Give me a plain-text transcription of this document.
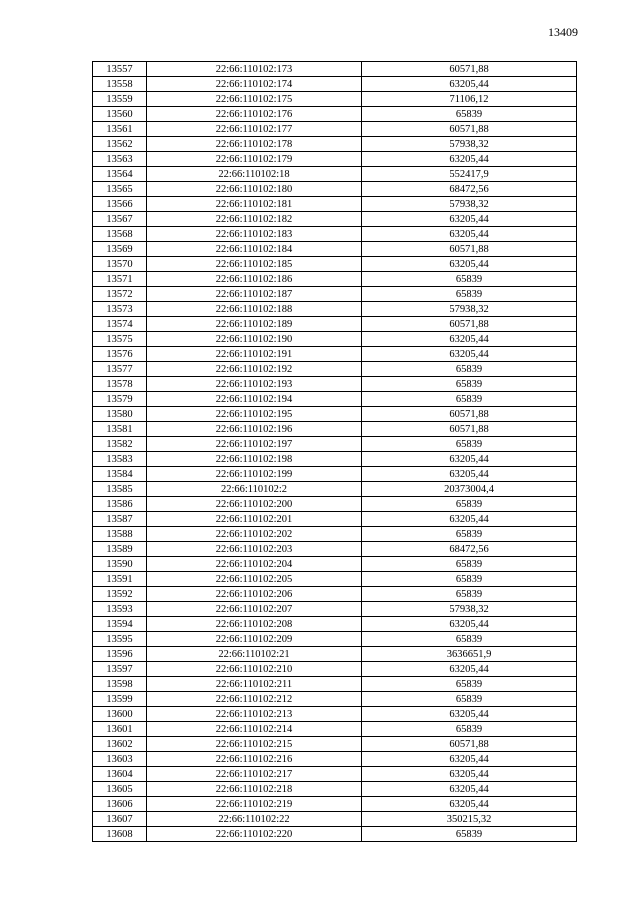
13409
13557	22:66:110102:173	60571,88
13558	22:66:110102:174	63205,44
13559	22:66:110102:175	71106,12
13560	22:66:110102:176	65839
13561	22:66:110102:177	60571,88
13562	22:66:110102:178	57938,32
13563	22:66:110102:179	63205,44
13564	22:66:110102:18	552417,9
13565	22:66:110102:180	68472,56
13566	22:66:110102:181	57938,32
13567	22:66:110102:182	63205,44
13568	22:66:110102:183	63205,44
13569	22:66:110102:184	60571,88
13570	22:66:110102:185	63205,44
13571	22:66:110102:186	65839
13572	22:66:110102:187	65839
13573	22:66:110102:188	57938,32
13574	22:66:110102:189	60571,88
13575	22:66:110102:190	63205,44
13576	22:66:110102:191	63205,44
13577	22:66:110102:192	65839
13578	22:66:110102:193	65839
13579	22:66:110102:194	65839
13580	22:66:110102:195	60571,88
13581	22:66:110102:196	60571,88
13582	22:66:110102:197	65839
13583	22:66:110102:198	63205,44
13584	22:66:110102:199	63205,44
13585	22:66:110102:2	20373004,4
13586	22:66:110102:200	65839
13587	22:66:110102:201	63205,44
13588	22:66:110102:202	65839
13589	22:66:110102:203	68472,56
13590	22:66:110102:204	65839
13591	22:66:110102:205	65839
13592	22:66:110102:206	65839
13593	22:66:110102:207	57938,32
13594	22:66:110102:208	63205,44
13595	22:66:110102:209	65839
13596	22:66:110102:21	3636651,9
13597	22:66:110102:210	63205,44
13598	22:66:110102:211	65839
13599	22:66:110102:212	65839
13600	22:66:110102:213	63205,44
13601	22:66:110102:214	65839
13602	22:66:110102:215	60571,88
13603	22:66:110102:216	63205,44
13604	22:66:110102:217	63205,44
13605	22:66:110102:218	63205,44
13606	22:66:110102:219	63205,44
13607	22:66:110102:22	350215,32
13608	22:66:110102:220	65839
